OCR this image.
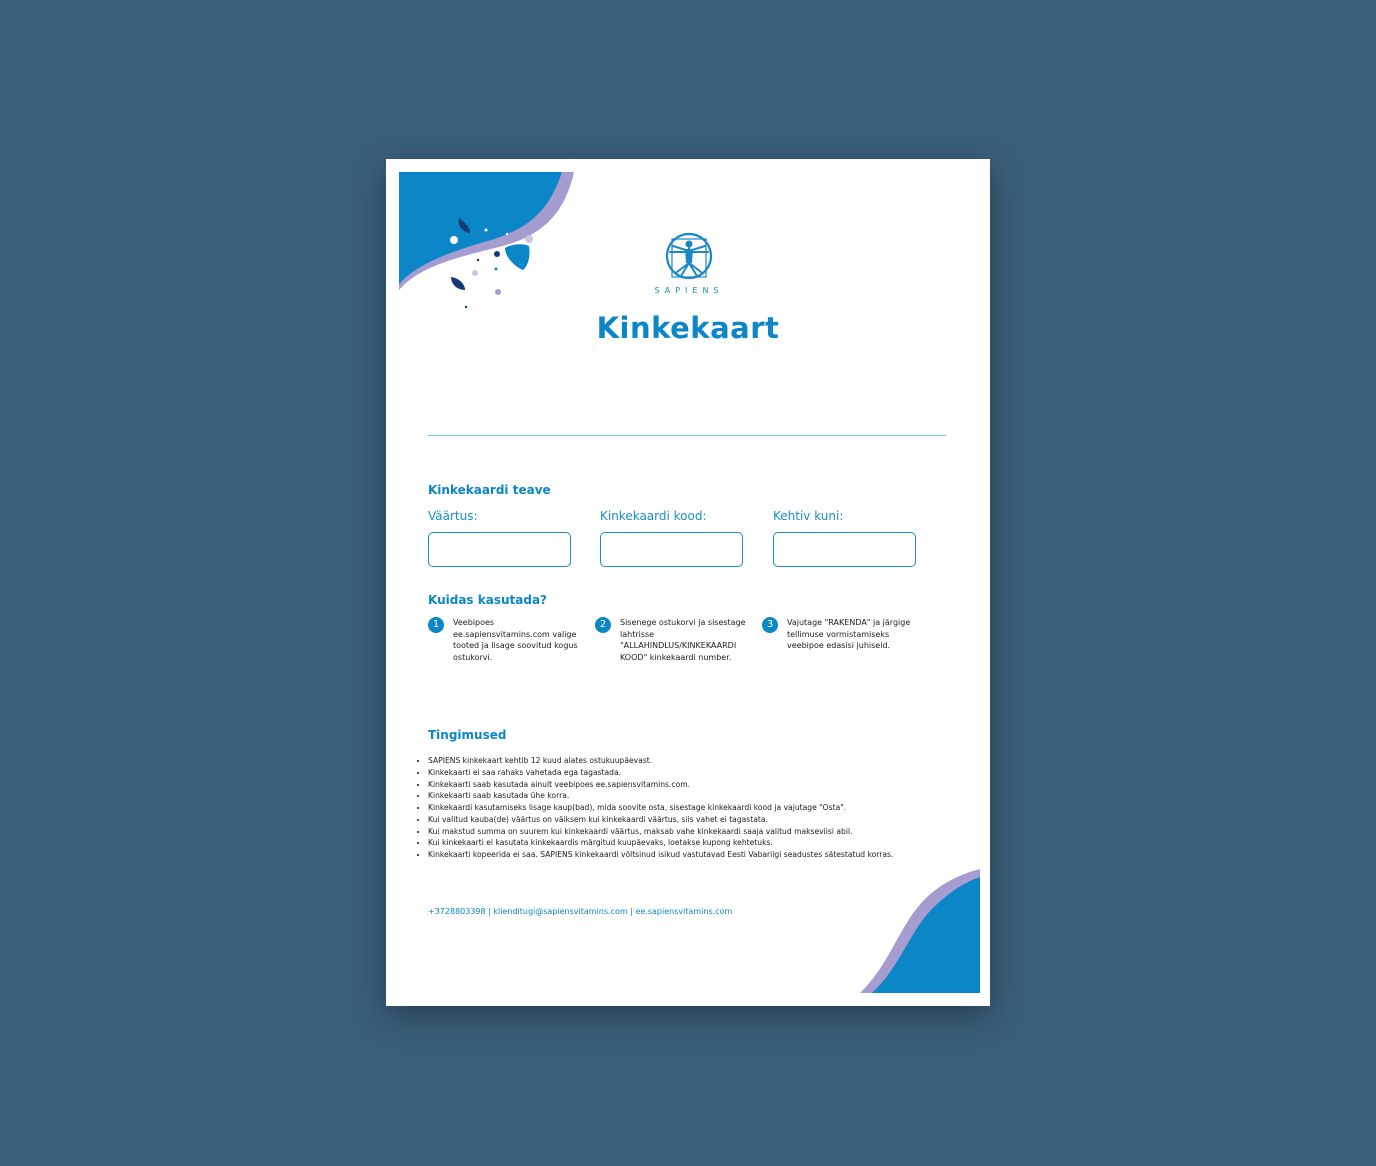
SAPIENS
Kinkekaart
Kinkekaardi teave
Väärtus:	Kinkekaardi kood:	Kehtiv kuni:
Kuidas kasutada?
1	Veebipoes ee.sapiensvitamins.com valige tooted ja lisage soovitud kogus ostukorvi.
2	Sisenege ostukorvi ja sisestage lahtrisse "ALLAHINDLUS/KINKEKAARDI KOOD" kinkekaardi number.
3	Vajutage "RAKENDA" ja järgige tellimuse vormistamiseks veebipoe edasisi juhiseid.
Tingimused
• SAPIENS kinkekaart kehtib 12 kuud alates ostukuupäevast.
• Kinkekaarti ei saa rahaks vahetada ega tagastada.
• Kinkekaarti saab kasutada ainult veebipoes ee.sapiensvitamins.com.
• Kinkekaarti saab kasutada ühe korra.
• Kinkekaardi kasutamiseks lisage kaup(bad), mida soovite osta, sisestage kinkekaardi kood ja vajutage "Osta".
• Kui valitud kauba(de) väärtus on väiksem kui kinkekaardi väärtus, siis vahet ei tagastata.
• Kui makstud summa on suurem kui kinkekaardi väärtus, maksab vahe kinkekaardi saaja valitud makseviisi abil.
• Kui kinkekaarti ei kasutata kinkekaardis märgitud kuupäevaks, loetakse kupong kehtetuks.
• Kinkekaarti kopeerida ei saa. SAPIENS kinkekaardi võltsinud isikud vastutavad Eesti Vabariigi seadustes sätestatud korras.
+3728803398 | klienditugi@sapiensvitamins.com | ee.sapiensvitamins.com
